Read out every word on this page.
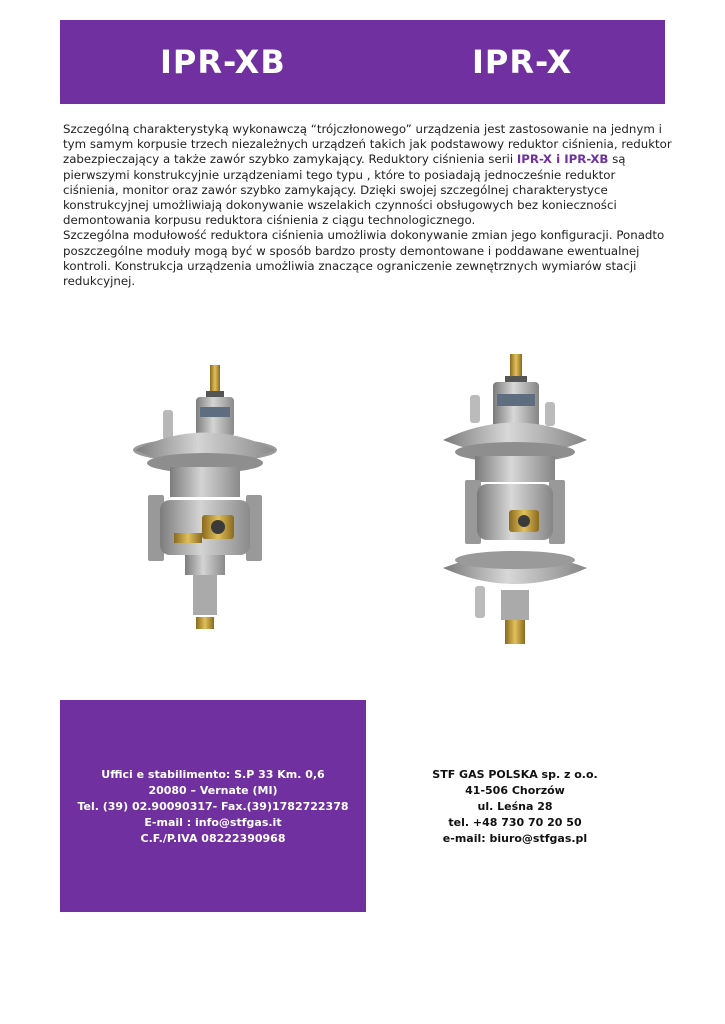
IPR-XB	IPR-X

Szczególną charakterystyką wykonawczą “trójczłonowego” urządzenia jest zastosowanie na jednym i tym samym korpusie trzech niezależnych urządzeń takich jak podstawowy reduktor ciśnienia, reduktor zabezpieczający a także zawór szybko zamykający. Reduktory ciśnienia serii IPR-X i IPR-XB są pierwszymi konstrukcyjnie urządzeniami tego typu , które to posiadają jednocześnie reduktor ciśnienia, monitor oraz zawór szybko zamykający. Dzięki swojej szczególnej charakterystyce konstrukcyjnej umożliwiają dokonywanie wszelakich czynności obsługowych bez konieczności demontowania korpusu reduktora ciśnienia z ciągu technologicznego.

Szczególna modułowość reduktora ciśnienia umożliwia dokonywanie zmian jego konfiguracji. Ponadto poszczególne moduły mogą być w sposób bardzo prosty demontowane i poddawane ewentualnej kontroli. Konstrukcja urządzenia umożliwia znaczące ograniczenie zewnętrznych wymiarów stacji redukcyjnej.

Uffici e stabilimento: S.P 33 Km. 0,6
20080 – Vernate (MI)
Tel. (39) 02.90090317- Fax.(39)1782722378
E-mail : info@stfgas.it
C.F./P.IVA 08222390968
STF GAS POLSKA sp. z o.o.
41-506 Chorzów
ul. Leśna 28
tel. +48 730 70 20 50
e-mail: biuro@stfgas.pl
